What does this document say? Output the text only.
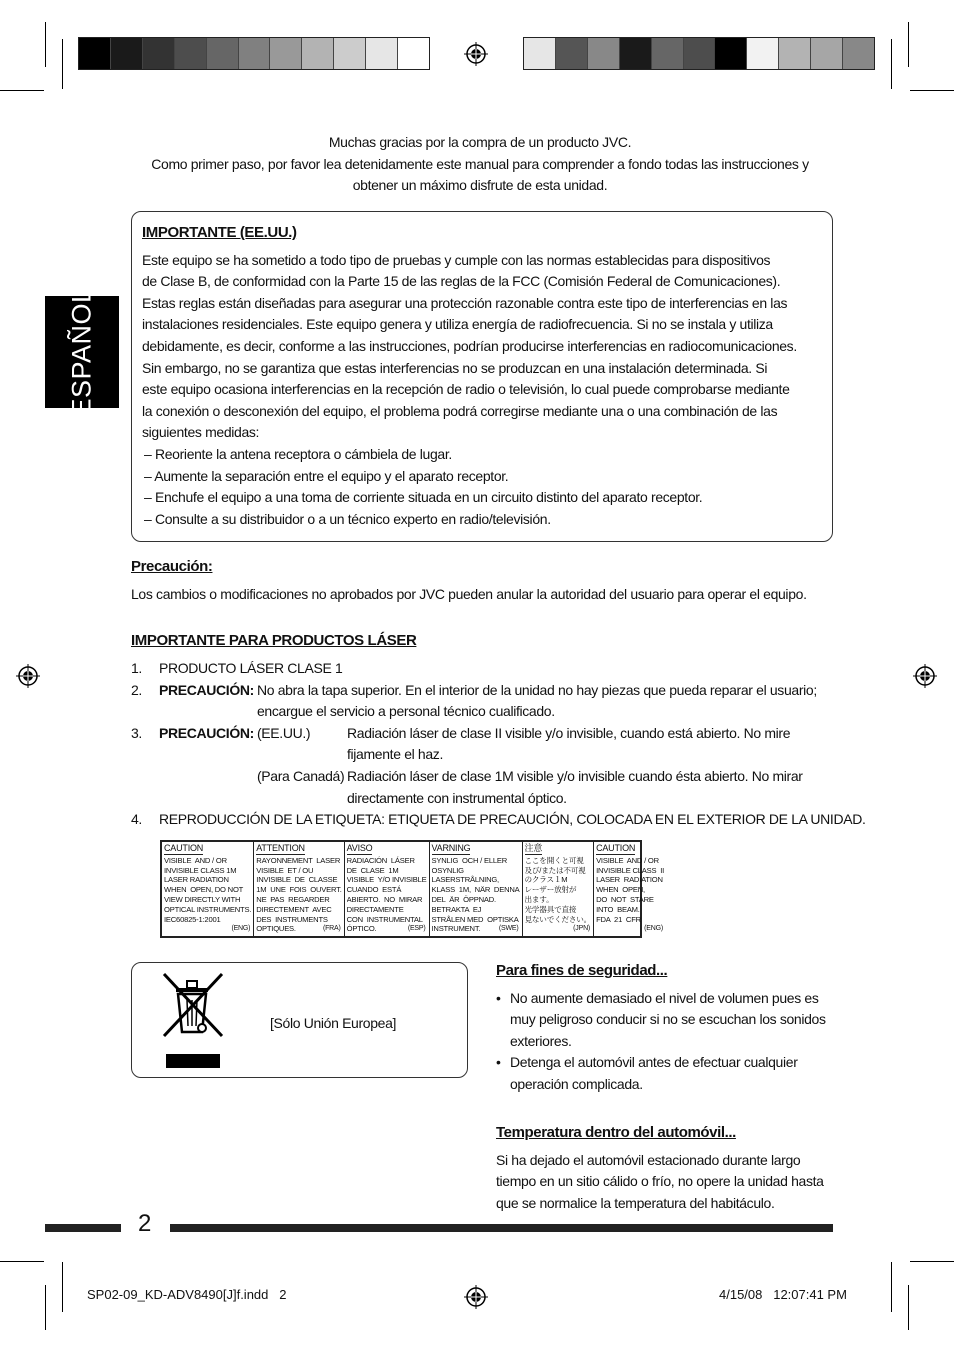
ESPAÑOL
Muchas gracias por la compra de un producto JVC.
Como primer paso, por favor lea detenidamente este manual para comprender a fondo todas las instrucciones y
obtener un máximo disfrute de esta unidad.
IMPORTANTE (EE.UU.)
Este equipo se ha sometido a todo tipo de pruebas y cumple con las normas establecidas para dispositivos
de Clase B, de conformidad con la Parte 15 de las reglas de la FCC (Comisión Federal de Comunicaciones).
Estas reglas están diseñadas para asegurar una protección razonable contra este tipo de interferencias en las
instalaciones residenciales. Este equipo genera y utiliza energía de radiofrecuencia. Si no se instala y utiliza
debidamente, es decir, conforme a las instrucciones, podrían producirse interferencias en radiocomunicaciones.
Sin embargo, no se garantiza que estas interferencias no se produzcan en una instalación determinada. Si
este equipo ocasiona interferencias en la recepción de radio o televisión, lo cual puede comprobarse mediante
la conexión o desconexión del equipo, el problema podrá corregirse mediante una o una combinación de las
siguientes medidas:
– Reoriente la antena receptora o cámbiela de lugar.
– Aumente la separación entre el equipo y el aparato receptor.
– Enchufe el equipo a una toma de corriente situada en un circuito distinto del aparato receptor.
– Consulte a su distribuidor o a un técnico experto en radio/televisión.
Precaución:
Los cambios o modificaciones no aprobados por JVC pueden anular la autoridad del usuario para operar el equipo.
IMPORTANTE PARA PRODUCTOS LÁSER
1. PRODUCTO LÁSER CLASE 1
2. PRECAUCIÓN: No abra la tapa superior. En el interior de la unidad no hay piezas que pueda reparar el usuario;
encargue el servicio a personal técnico cualificado.
3. PRECAUCIÓN: (EE.UU.)	Radiación láser de clase II visible y/o invisible, cuando está abierto. No mire
fijamente el haz.
(Para Canadá) Radiación láser de clase 1M visible y/o invisible cuando ésta abierto. No mirar
directamente con instrumental óptico.
4. REPRODUCCIÓN DE LA ETIQUETA: ETIQUETA DE PRECAUCIÓN, COLOCADA EN EL EXTERIOR DE LA UNIDAD.
CAUTION
VISIBLE  AND / OR
INVISIBLE CLASS 1M
LASER RADIATION
WHEN  OPEN, DO NOT
VIEW DIRECTLY WITH
OPTICAL INSTRUMENTS.
IEC60825-1:2001
(ENG)
ATTENTION
RAYONNEMENT  LASER
VISIBLE  ET / OU
INVISIBLE  DE  CLASSE
1M  UNE  FOIS  OUVERT.
NE  PAS  REGARDER
DIRECTEMENT  AVEC
DES  INSTRUMENTS
OPTIQUES.	(FRA)
AVISO
RADIACIÓN  LÁSER
DE  CLASE  1M
VISIBLE  Y/O INVISIBLE
CUANDO  ESTÁ
ABIERTO.  NO  MIRAR
DIRECTAMENTE
CON  INSTRUMENTAL
ÓPTICO.	(ESP)
VARNING
SYNLIG  OCH / ELLER
OSYNLIG
LASERSTRÅLNING,
KLASS  1M,  NÄR  DENNA
DEL  ÄR  ÖPPNAD.
BETRAKTA  EJ
STRÅLEN MED  OPTISKA
INSTRUMENT.	(SWE)
注意
ここを開くと可視
及び/または不可視
のクラス１M
レーザー放射が
出ます。
光学器具で直接
見ないでください。
(JPN)
CAUTION
VISIBLE  AND / OR
INVISIBLE CLASS  II
LASER  RADIATION
WHEN  OPEN,
DO  NOT  STARE
INTO  BEAM.
FDA  21  CFR
(ENG)
[Sólo Unión Europea]
Para fines de seguridad...
• No aumente demasiado el nivel de volumen pues es
muy peligroso conducir si no se escuchan los sonidos
exteriores.
• Detenga el automóvil antes de efectuar cualquier
operación complicada.
Temperatura dentro del automóvil...
Si ha dejado el automóvil estacionado durante largo
tiempo en un sitio cálido o frío, no opere la unidad hasta
que se normalice la temperatura del habitáculo.
2
SP02-09_KD-ADV8490[J]f.indd   2	4/15/08   12:07:41 PM
